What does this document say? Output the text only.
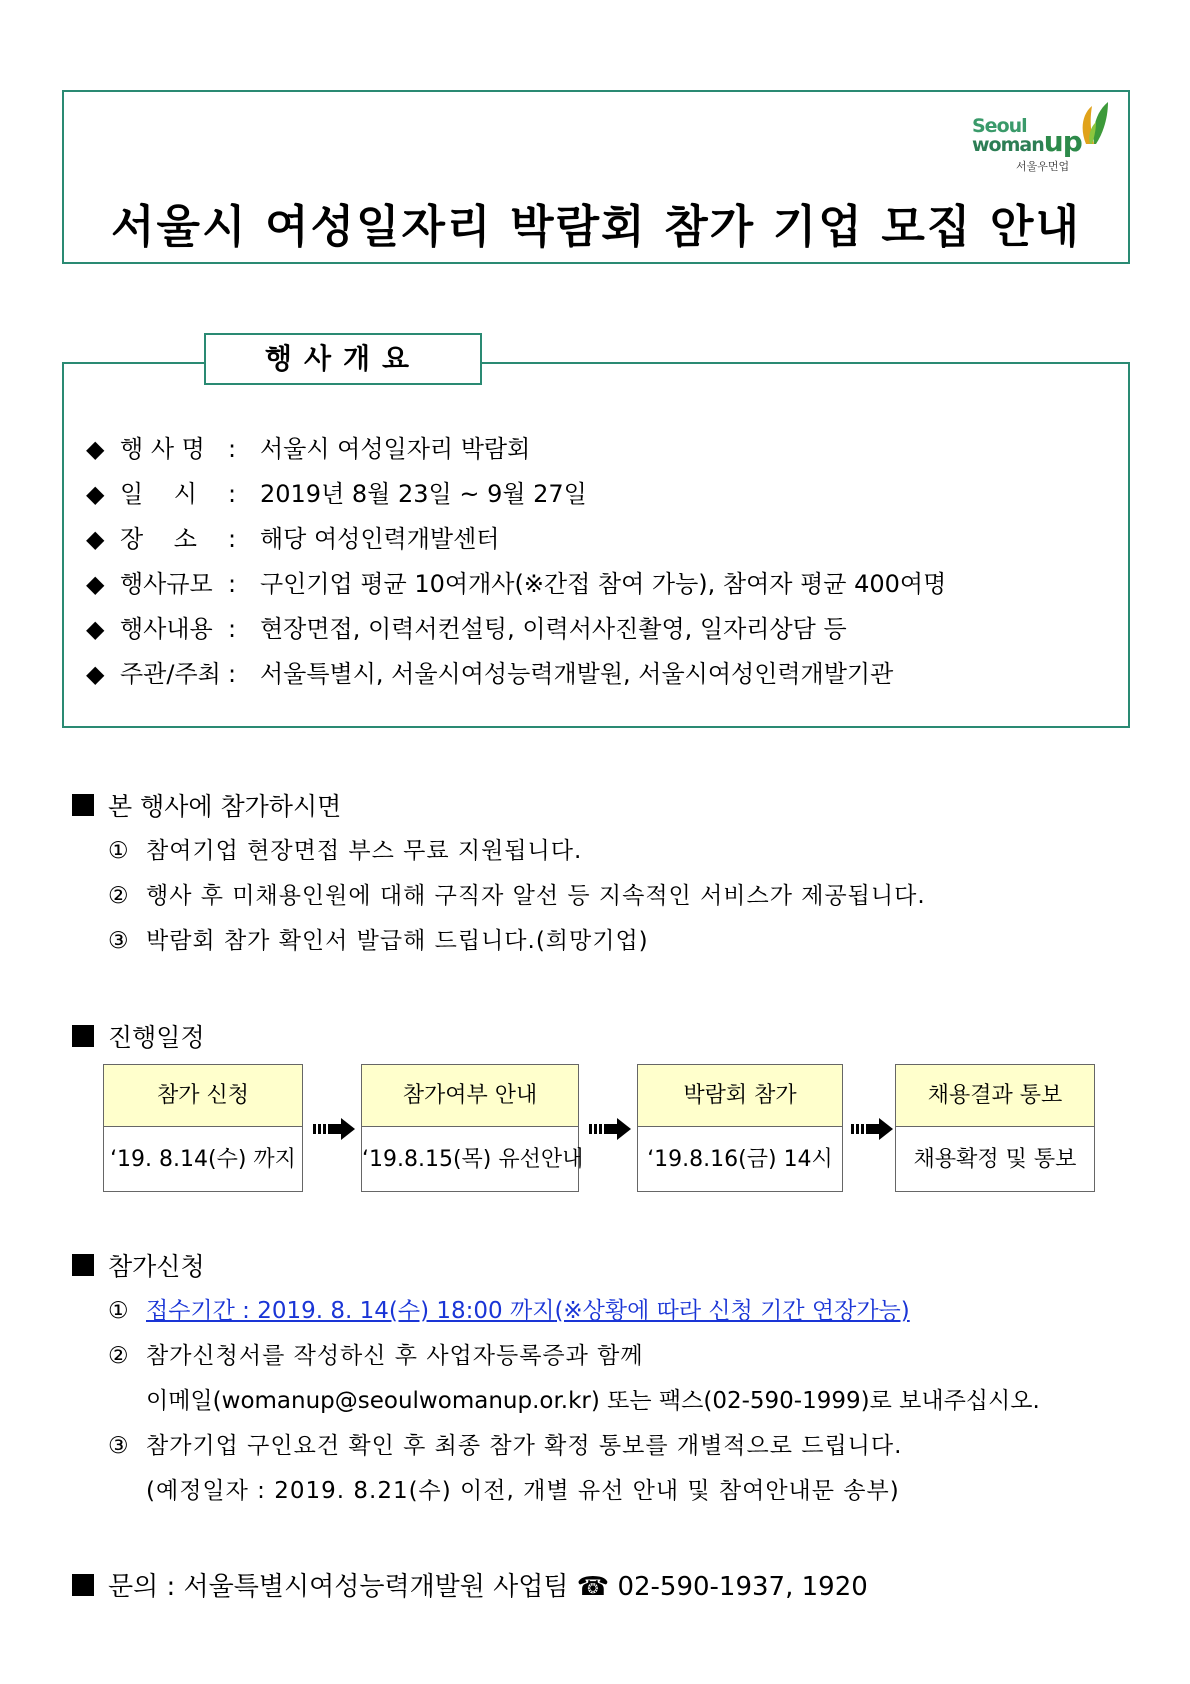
Seoul
womanup
서울우먼업
서울시 여성일자리 박람회 참가 기업 모집 안내
행사개요
◆ 행 사 명 : 서울시 여성일자리 박람회
◆ 일    시 : 2019년 8월 23일 ~ 9월 27일
◆ 장    소 : 해당 여성인력개발센터
◆ 행사규모 : 구인기업 평균 10여개사(※간접 참여 가능), 참여자 평균 400여명
◆ 행사내용 : 현장면접, 이력서컨설팅, 이력서사진촬영, 일자리상담 등
◆ 주관/주최 : 서울특별시, 서울시여성능력개발원, 서울시여성인력개발기관
본 행사에 참가하시면
① 참여기업 현장면접 부스 무료 지원됩니다.
② 행사 후 미채용인원에 대해 구직자 알선 등 지속적인 서비스가 제공됩니다.
③ 박람회 참가 확인서 발급해 드립니다.(희망기업)
진행일정
참가 신청
‘19. 8.14(수) 까지
참가여부 안내
‘19.8.15(목) 유선안내
박람회 참가
‘19.8.16(금) 14시
채용결과 통보
채용확정 및 통보
참가신청
① 접수기간 : 2019. 8. 14(수) 18:00 까지(※상황에 따라 신청 기간 연장가능)
② 참가신청서를 작성하신 후 사업자등록증과 함께
이메일(womanup@seoulwomanup.or.kr) 또는 팩스(02-590-1999)로 보내주십시오.
③ 참가기업 구인요건 확인 후 최종 참가 확정 통보를 개별적으로 드립니다.
(예정일자 : 2019. 8.21(수) 이전, 개별 유선 안내 및 참여안내문 송부)
문의 : 서울특별시여성능력개발원 사업팀 ☎ 02-590-1937, 1920
